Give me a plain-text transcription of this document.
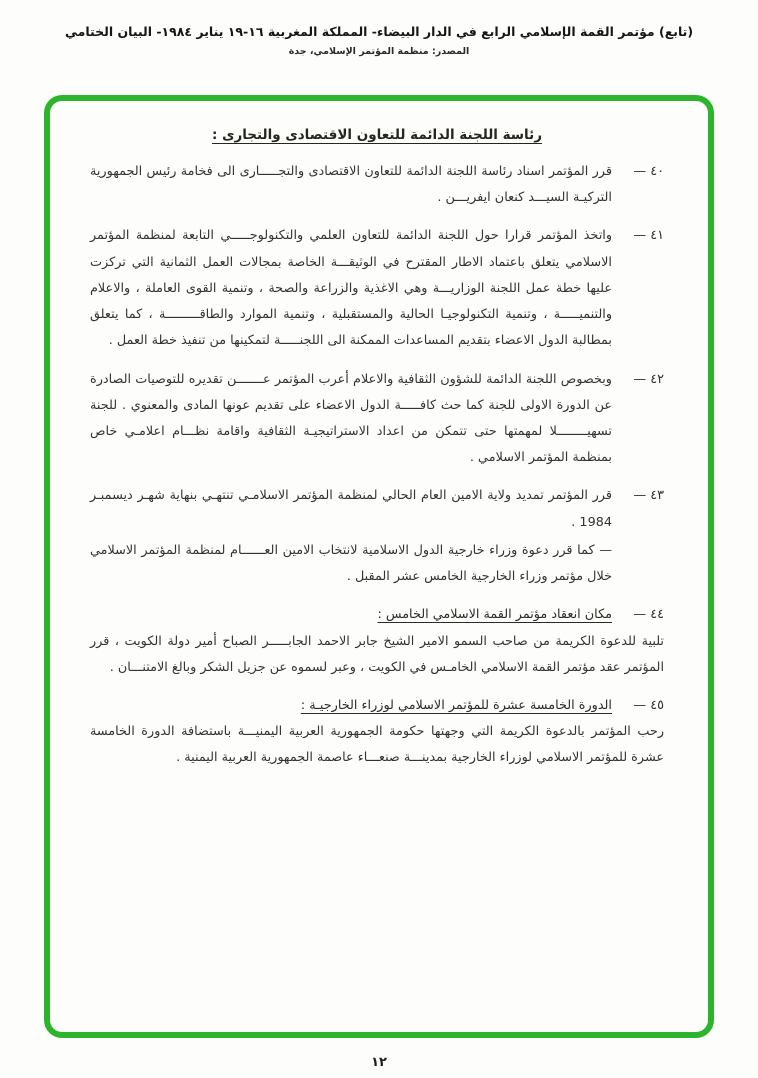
(تابع) مؤتمر القمة الإسلامي الرابع في الدار البيضاء- المملكة المغربية ١٦-١٩ يناير ١٩٨٤- البيان الختامي
المصدر: منظمة المؤتمر الإسلامي، جدة
رئاسة اللجنة الدائمة للتعاون الاقتصادى والتجارى :
٤٠ —

قرر المؤتمر اسناد رئاسة اللجنة الدائمة للتعاون الاقتصادى والتجـــــارى الى فخامة رئيس الجمهورية التركيـة السيـــد كنعان ايفريـــن .

٤١ —

واتخذ المؤتمر قرارا حول اللجنة الدائمة للتعاون العلمي والتكنولوجـــــي التابعة لمنظمة المؤتمر الاسلامي يتعلق باعتماد الاطار المقترح في الوثيقـــة الخاصة بمجالات العمل الثمانية التي تركزت عليها خطة عمل اللجنة الوزاريـــة وهي الاغذية والزراعة والصحة ، وتنمية القوى العاملة ، والاعلام والتنميـــــة ، وتنمية التكنولوجيـا الحالية والمستقبلية ، وتنمية الموارد والطاقـــــــــة ، كما يتعلق بمطالبة الدول الاعضاء بتقديم المساعدات الممكنة الى اللجنـــــة لتمكينها من تنفيذ خطة العمل .

٤٢ —

وبخصوص اللجنة الدائمة للشؤون الثقافية والاعلام أعرب المؤتمر عـــــــن تقديره للتوصيات الصادرة عن الدورة الاولى للجنة كما حث كافـــــة الدول الاعضاء على تقديم عونها المادى والمعنوي . للجنة تسهيــــــــلا لمهمتها حتى تتمكن من اعداد الاستراتيجيـة الثقافية واقامة نظـــام اعلامـي خاص بمنظمة المؤتمر الاسلامي .

٤٣ —

قرر المؤتمر تمديد ولاية الامين العام الحالي لمنظمة المؤتمر الاسلامـي تنتهـي بنهاية شهـر ديسمبـر 1984 .

— كما قرر دعوة وزراء خارجية الدول الاسلامية لانتخاب الامين العــــــام لمنظمة المؤتمر الاسلامي خلال مؤتمر وزراء الخارجية الخامس عشر المقبل .

٤٤ —
مكان انعقاد مؤتمر القمة الاسلامي الخامس :

تلبية للدعوة الكريمة من صاحب السمو الامير الشيخ جابر الاحمد الجابـــــر الصباح أمير دولة الكويت ، قرر المؤتمر عقد مؤتمر القمة الاسلامي الخامـس في الكويت ، وعبر لسموه عن جزيل الشكر وبالغ الامتنـــان .

٤٥ —
الدورة الخامسة عشرة للمؤتمر الاسلامي لوزراء الخارجيـة :

رحب المؤتمر بالدعوة الكريمة التي وجهتها حكومة الجمهورية العربية اليمنيـــة باستضافة الدورة الخامسة عشرة للمؤتمر الاسلامي لوزراء الخارجية بمدينـــة صنعـــاء عاصمة الجمهورية العربية اليمنية .

١٢
